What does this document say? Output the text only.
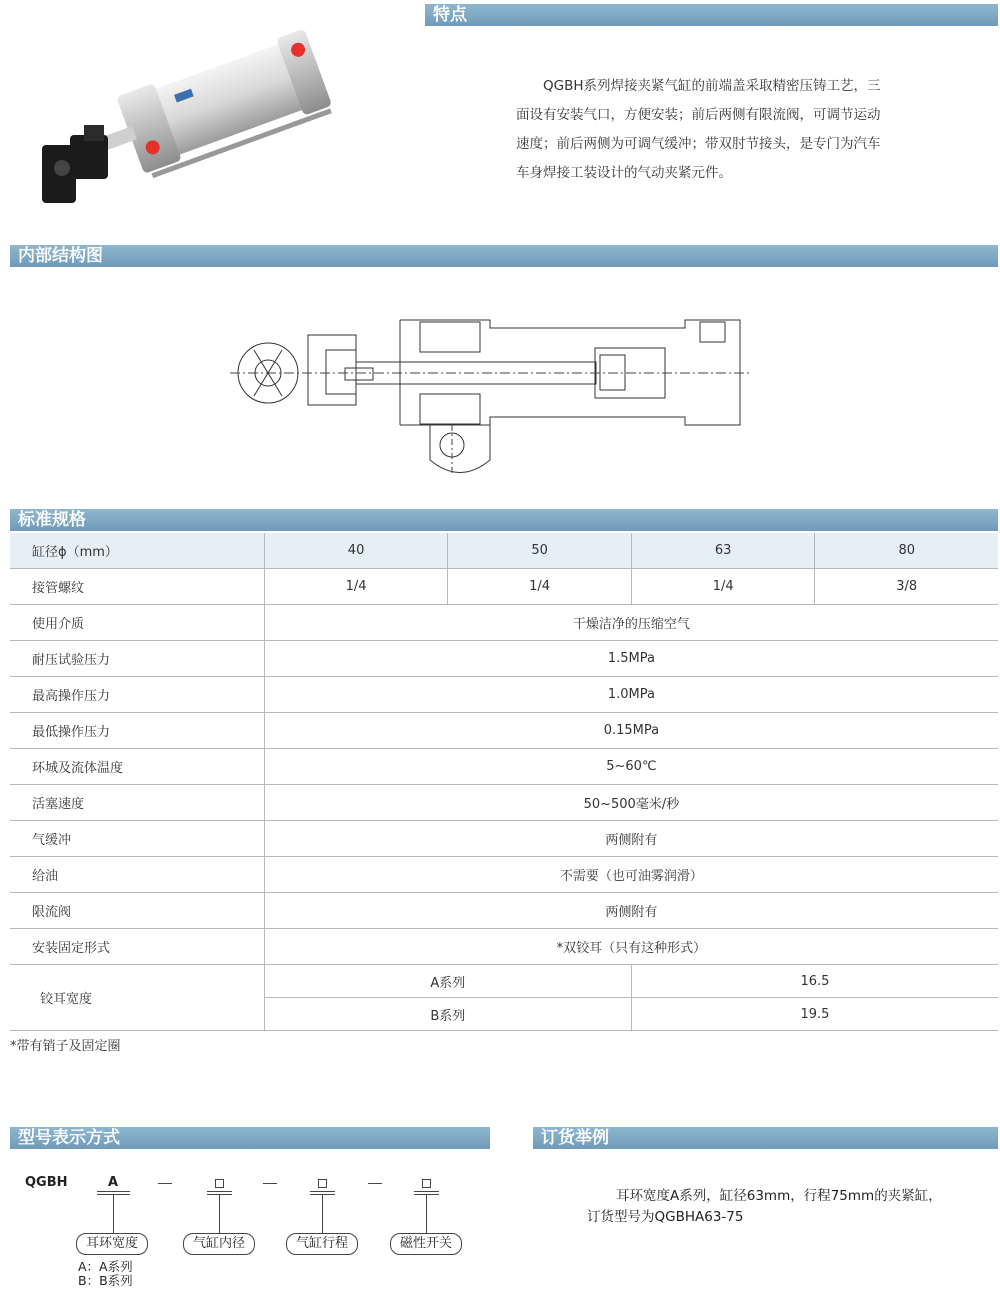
特点
QGBH系列焊接夹紧气缸的前端盖采取精密压铸工艺，三
面设有安装气口，方便安装；前后两侧有限流阀，可调节运动
速度；前后两侧为可调气缓冲；带双肘节接头，是专门为汽车
车身焊接工装设计的气动夹紧元件。
内部结构图
标准规格
缸径ϕ（mm）	40	50	63	80
接管螺纹	1/4	1/4	1/4	3/8
使用介质	干燥洁净的压缩空气			
耐压试验压力	1.5MPa			
最高操作压力	1.0MPa			
最低操作压力	0.15MPa			
环城及流体温度	5~60℃			
活塞速度	50~500毫米/秒			
气缓冲	两侧附有			
给油	不需要（也可油雾润滑）			
限流阀	两侧附有			
安装固定形式	*双铰耳（只有这种形式）			
铰耳宽度	A系列		16.5	
	B系列		19.5	
*带有销子及固定圈
型号表示方式	订货举例
QGBH	A
耳环宽度	气缸内径	气缸行程	磁性开关
A：A系列
B：B系列
耳环宽度A系列，缸径63mm，行程75mm的夹紧缸，
订货型号为QGBHA63-75
